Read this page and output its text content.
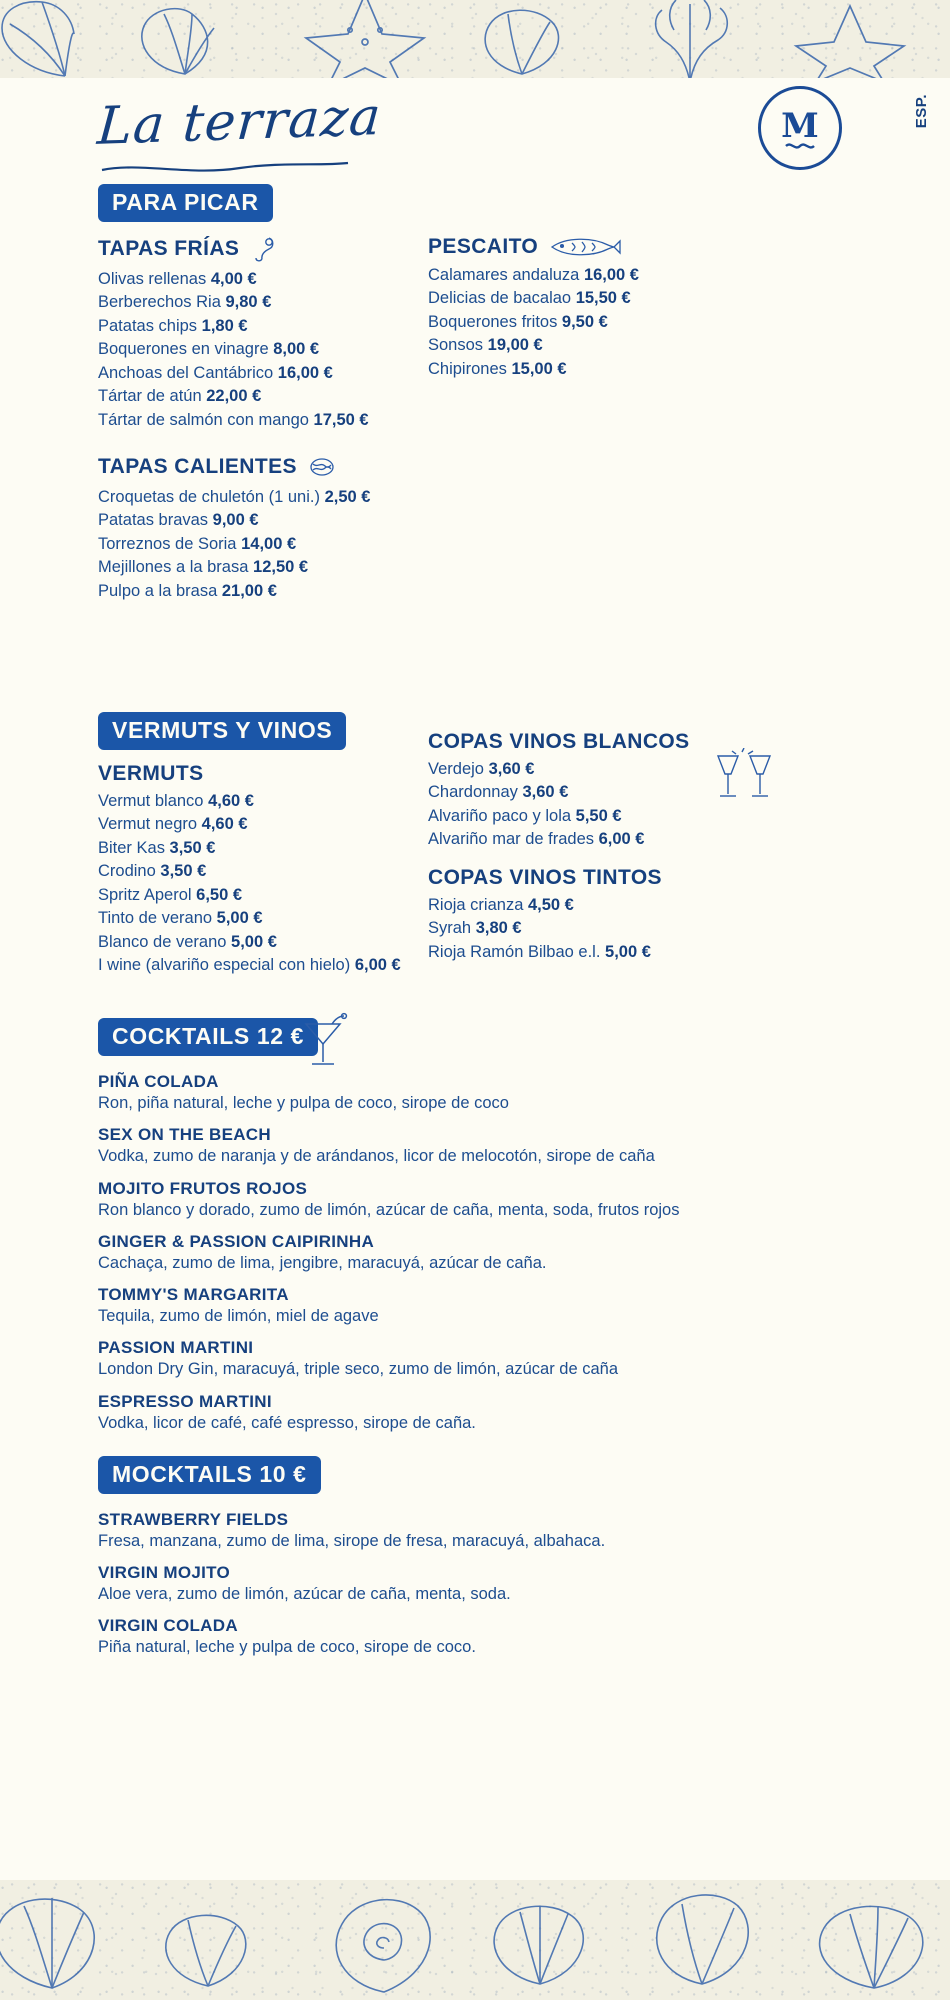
La terraza	M	ESP.
PARA PICAR
TAPAS FRÍAS
Olivas rellenas 4,00 €
Berberechos Ria 9,80 €
Patatas chips 1,80 €
Boquerones en vinagre 8,00 €
Anchoas del Cantábrico 16,00 €
Tártar de atún 22,00 €
Tártar de salmón con mango 17,50 €
TAPAS CALIENTES
Croquetas de chuletón (1 uni.) 2,50 €
Patatas bravas 9,00 €
Torreznos de Soria 14,00 €
Mejillones a la brasa 12,50 €
Pulpo a la brasa 21,00 €
PESCAITO
Calamares andaluza 16,00 €
Delicias de bacalao 15,50 €
Boquerones fritos 9,50 €
Sonsos 19,00 €
Chipirones 15,00 €
VERMUTS Y VINOS
VERMUTS
Vermut blanco 4,60 €
Vermut negro 4,60 €
Biter Kas 3,50 €
Crodino 3,50 €
Spritz Aperol 6,50 €
Tinto de verano 5,00 €
Blanco de verano 5,00 €
I wine (alvariño especial con hielo) 6,00 €
COPAS VINOS BLANCOS
Verdejo 3,60 €
Chardonnay 3,60 €
Alvariño paco y lola 5,50 €
Alvariño mar de frades 6,00 €
COPAS VINOS TINTOS
Rioja crianza 4,50 €
Syrah 3,80 €
Rioja Ramón Bilbao e.l. 5,00 €
COCKTAILS 12 €
PIÑA COLADA
Ron, piña natural, leche y pulpa de coco, sirope de coco
SEX ON THE BEACH
Vodka, zumo de naranja y de arándanos, licor de melocotón, sirope de caña
MOJITO FRUTOS ROJOS
Ron blanco y dorado, zumo de limón, azúcar de caña, menta, soda, frutos rojos
GINGER & PASSION CAIPIRINHA
Cachaça, zumo de lima, jengibre, maracuyá, azúcar de caña.
TOMMY'S MARGARITA
Tequila, zumo de limón, miel de agave
PASSION MARTINI
London Dry Gin, maracuyá, triple seco, zumo de limón, azúcar de caña
ESPRESSO MARTINI
Vodka, licor de café, café espresso, sirope de caña.
MOCKTAILS 10 €
STRAWBERRY FIELDS
Fresa, manzana, zumo de lima, sirope de fresa, maracuyá, albahaca.
VIRGIN MOJITO
Aloe vera, zumo de limón, azúcar de caña, menta, soda.
VIRGIN COLADA
Piña natural, leche y pulpa de coco, sirope de coco.
